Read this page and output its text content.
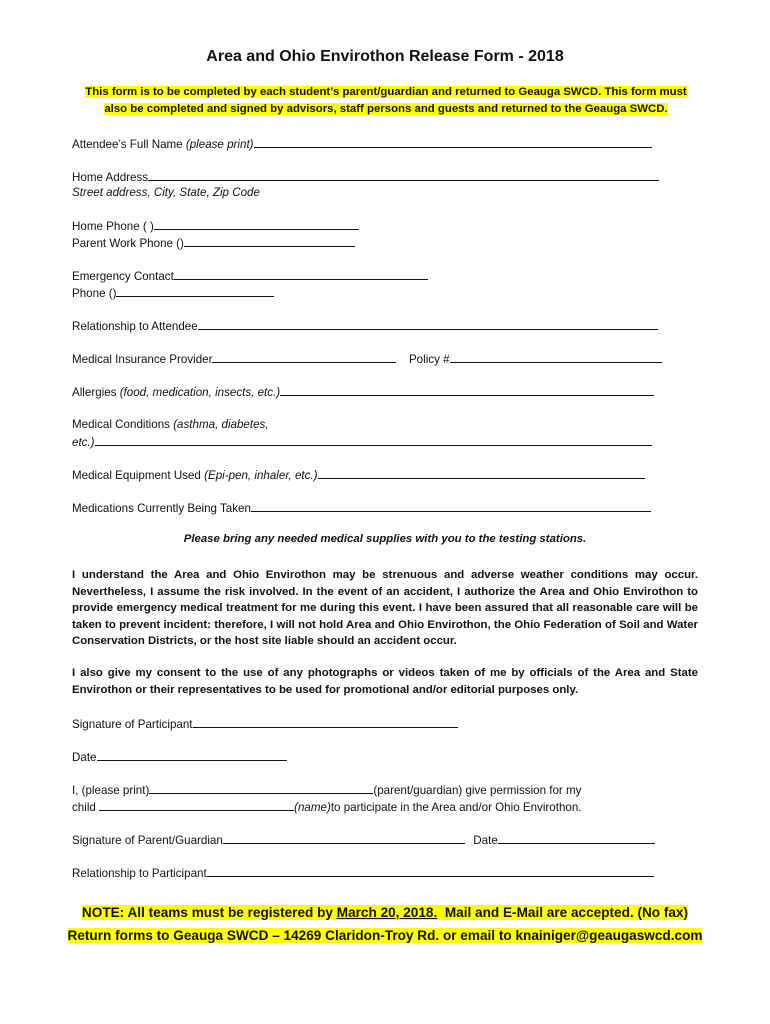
Area and Ohio Envirothon Release Form - 2018
This form is to be completed by each student’s parent/guardian and returned to Geauga SWCD. This form must
also be completed and signed by advisors, staff persons and guests and returned to the Geauga SWCD.
Attendee’s Full Name (please print)
Home Address
Street address, City, State, Zip Code
Home Phone ( )
Parent Work Phone ()
Emergency Contact
Phone ()
Relationship to Attendee
Medical Insurance Provider	Policy #
Allergies (food, medication, insects, etc.)
Medical Conditions (asthma, diabetes,
etc.)
Medical Equipment Used (Epi-pen, inhaler, etc.)
Medications Currently Being Taken
Please bring any needed medical supplies with you to the testing stations.
I understand the Area and Ohio Envirothon may be strenuous and adverse weather conditions may occur. Nevertheless, I assume the risk involved. In the event of an accident, I authorize the Area and Ohio Envirothon to provide emergency medical treatment for me during this event. I have been assured that all reasonable care will be taken to prevent incident: therefore, I will not hold Area and Ohio Envirothon, the Ohio Federation of Soil and Water Conservation Districts, or the host site liable should an accident occur.
I also give my consent to the use of any photographs or videos taken of me by officials of the Area and State Envirothon or their representatives to be used for promotional and/or editorial purposes only.
Signature of Participant
Date
I, (please print)	(parent/guardian) give permission for my
child	(name)to participate in the Area and/or Ohio Envirothon.
Signature of Parent/Guardian	Date
Relationship to Participant
NOTE: All teams must be registered by March 20, 2018.  Mail and E-Mail are accepted. (No fax)
Return forms to Geauga SWCD – 14269 Claridon-Troy Rd. or email to knainiger@geaugaswcd.com
